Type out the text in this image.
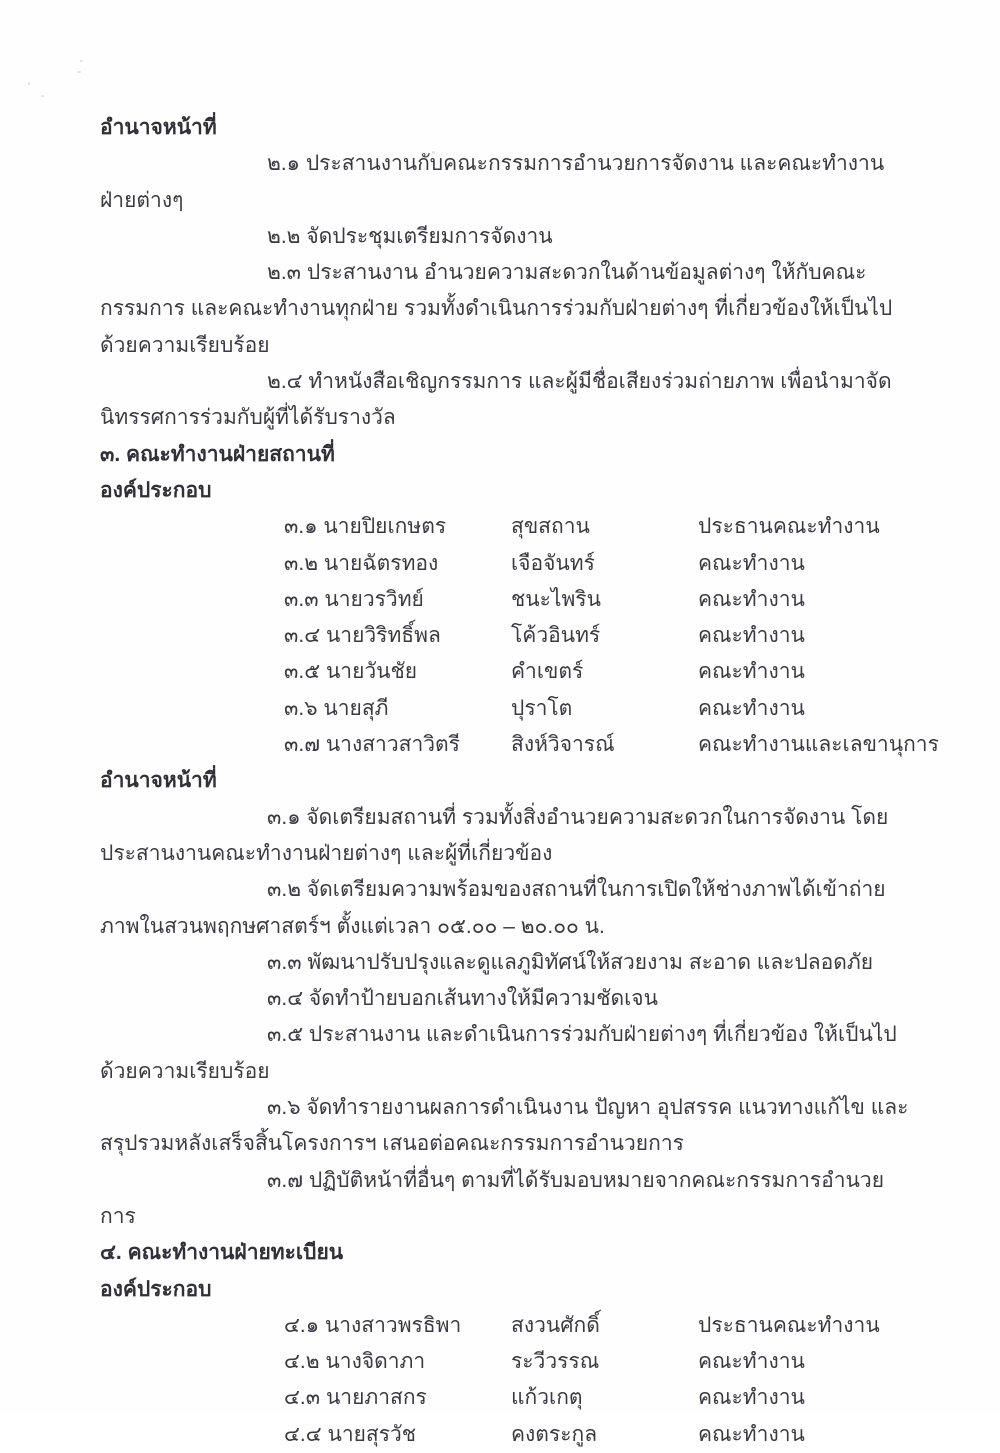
อำนาจหน้าที่

๒.๑ ประสานงานกับคณะกรรมการอำนวยการจัดงาน และคณะทำงานฝ่ายต่างๆ

๒.๒ จัดประชุมเตรียมการจัดงาน

๒.๓ ประสานงาน อำนวยความสะดวกในด้านข้อมูลต่างๆ ให้กับคณะกรรมการ และคณะทำงานทุกฝ่าย รวมทั้งดำเนินการร่วมกับฝ่ายต่างๆ ที่เกี่ยวข้องให้เป็นไปด้วยความเรียบร้อย

๒.๔ ทำหนังสือเชิญกรรมการ และผู้มีชื่อเสียงร่วมถ่ายภาพ เพื่อนำมาจัดนิทรรศการร่วมกับผู้ที่ได้รับรางวัล

๓. คณะทำงานฝ่ายสถานที่
องค์ประกอบ
๓.๑ นายปิยเกษตร	สุขสถาน	ประธานคณะทำงาน
๓.๒ นายฉัตรทอง	เจือจันทร์	คณะทำงาน
๓.๓ นายวรวิทย์	ชนะไพริน	คณะทำงาน
๓.๔ นายวิริทธิ์พล	โค้วอินทร์	คณะทำงาน
๓.๕ นายวันชัย	คำเขตร์	คณะทำงาน
๓.๖ นายสุภี	ปุราโต	คณะทำงาน
๓.๗ นางสาวสาวิตรี	สิงห์วิจารณ์	คณะทำงานและเลขานุการ
อำนาจหน้าที่

๓.๑ จัดเตรียมสถานที่ รวมทั้งสิ่งอำนวยความสะดวกในการจัดงาน โดยประสานงานคณะทำงานฝ่ายต่างๆ และผู้ที่เกี่ยวข้อง

๓.๒ จัดเตรียมความพร้อมของสถานที่ในการเปิดให้ช่างภาพได้เข้าถ่ายภาพในสวนพฤกษศาสตร์ฯ ตั้งแต่เวลา ๐๕.๐๐ – ๒๐.๐๐ น.

๓.๓ พัฒนาปรับปรุงและดูแลภูมิทัศน์ให้สวยงาม สะอาด และปลอดภัย

๓.๔ จัดทำป้ายบอกเส้นทางให้มีความชัดเจน

๓.๕ ประสานงาน และดำเนินการร่วมกับฝ่ายต่างๆ ที่เกี่ยวข้อง ให้เป็นไปด้วยความเรียบร้อย

๓.๖ จัดทำรายงานผลการดำเนินงาน ปัญหา อุปสรรค แนวทางแก้ไข และสรุปรวมหลังเสร็จสิ้นโครงการฯ เสนอต่อคณะกรรมการอำนวยการ

๓.๗ ปฏิบัติหน้าที่อื่นๆ ตามที่ได้รับมอบหมายจากคณะกรรมการอำนวยการ

๔. คณะทำงานฝ่ายทะเบียน
องค์ประกอบ
๔.๑ นางสาวพรธิพา	สงวนศักดิ์	ประธานคณะทำงาน
๔.๒ นางจิดาภา	ระวีวรรณ	คณะทำงาน
๔.๓ นายภาสกร	แก้วเกตุ	คณะทำงาน
๔.๔ นายสุรวัช	คงตระกูล	คณะทำงาน
